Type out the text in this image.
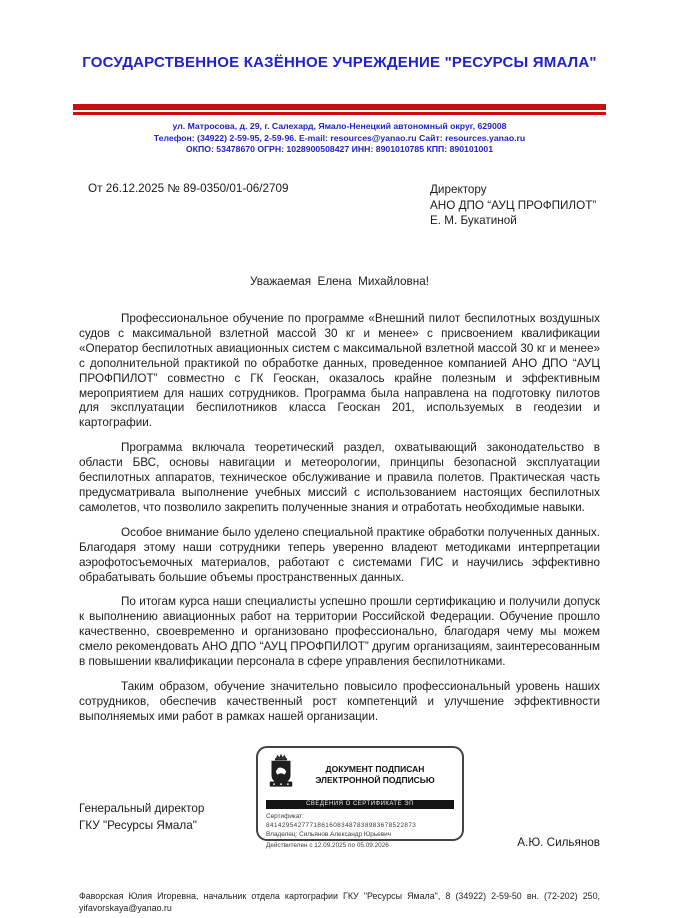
ГОСУДАРСТВЕННОЕ КАЗЁННОЕ УЧРЕЖДЕНИЕ "РЕСУРСЫ ЯМАЛА"
ул. Матросова, д. 29, г. Салехард, Ямало-Ненецкий автономный округ, 629008
Телефон: (34922) 2-59-95, 2-59-96. E-mail: resources@yanao.ru Сайт: resources.yanao.ru
ОКПО: 53478670 ОГРН: 1028900508427 ИНН: 8901010785 КПП: 890101001
От 26.12.2025 № 89-0350/01-06/2709	Директору
АНО ДПО “АУЦ ПРОФПИЛОТ”
Е. М. Букатиной
Уважаемая  Елена  Михайловна!

Профессиональное обучение по программе «Внешний пилот беспилотных воздушных судов с максимальной взлетной массой 30 кг и менее» с присвоением квалификации «Оператор беспилотных авиационных систем с максимальной взлетной массой 30 кг и менее» с дополнительной практикой по обработке данных, проведенное компанией АНО ДПО “АУЦ ПРОФПИЛОТ” совместно с ГК Геоскан, оказалось крайне полезным и эффективным мероприятием для наших сотрудников. Программа была направлена на подготовку пилотов для эксплуатации беспилотников класса Геоскан 201, используемых в геодезии и картографии.

Программа включала теоретический раздел, охватывающий законодательство в области БВС, основы навигации и метеорологии, принципы безопасной эксплуатации беспилотных аппаратов, техническое обслуживание и правила полетов. Практическая часть предусматривала выполнение учебных миссий с использованием настоящих беспилотных самолетов, что позволило закрепить полученные знания и отработать необходимые навыки.

Особое внимание было уделено специальной практике обработки полученных данных. Благодаря этому наши сотрудники теперь уверенно владеют методиками интерпретации аэрофотосъемочных материалов, работают с системами ГИС и научились эффективно обрабатывать большие объемы пространственных данных.

По итогам курса наши специалисты успешно прошли сертификацию и получили допуск к выполнению авиационных работ на территории Российской Федерации. Обучение прошло качественно, своевременно и организовано профессионально, благодаря чему мы можем смело рекомендовать АНО ДПО “АУЦ ПРОФПИЛОТ” другим организациям, заинтересованным в повышении квалификации персонала в сфере управления беспилотниками.

Таким образом, обучение значительно повысило профессиональный уровень наших сотрудников, обеспечив качественный рост компетенций и улучшение эффективности выполняемых ими работ в рамках нашей организации.

ДОКУМЕНТ ПОДПИСАН
ЭЛЕКТРОННОЙ ПОДПИСЬЮ
СВЕДЕНИЯ О СЕРТИФИКАТЕ ЭП
Сертификат:
84142954277718616083487838983678522873
Владелец: Сильянов Александр Юрьевич
Действителен с 12.09.2025 по 05.09.2026
Генеральный директор
ГКУ "Ресурсы Ямала"
А.Ю. Сильянов
Фаворская Юлия Игоревна, начальник отдела картографии ГКУ "Ресурсы Ямала", 8 (34922) 2-59-50 вн. (72-202) 250, yifavorskaya@yanao.ru
